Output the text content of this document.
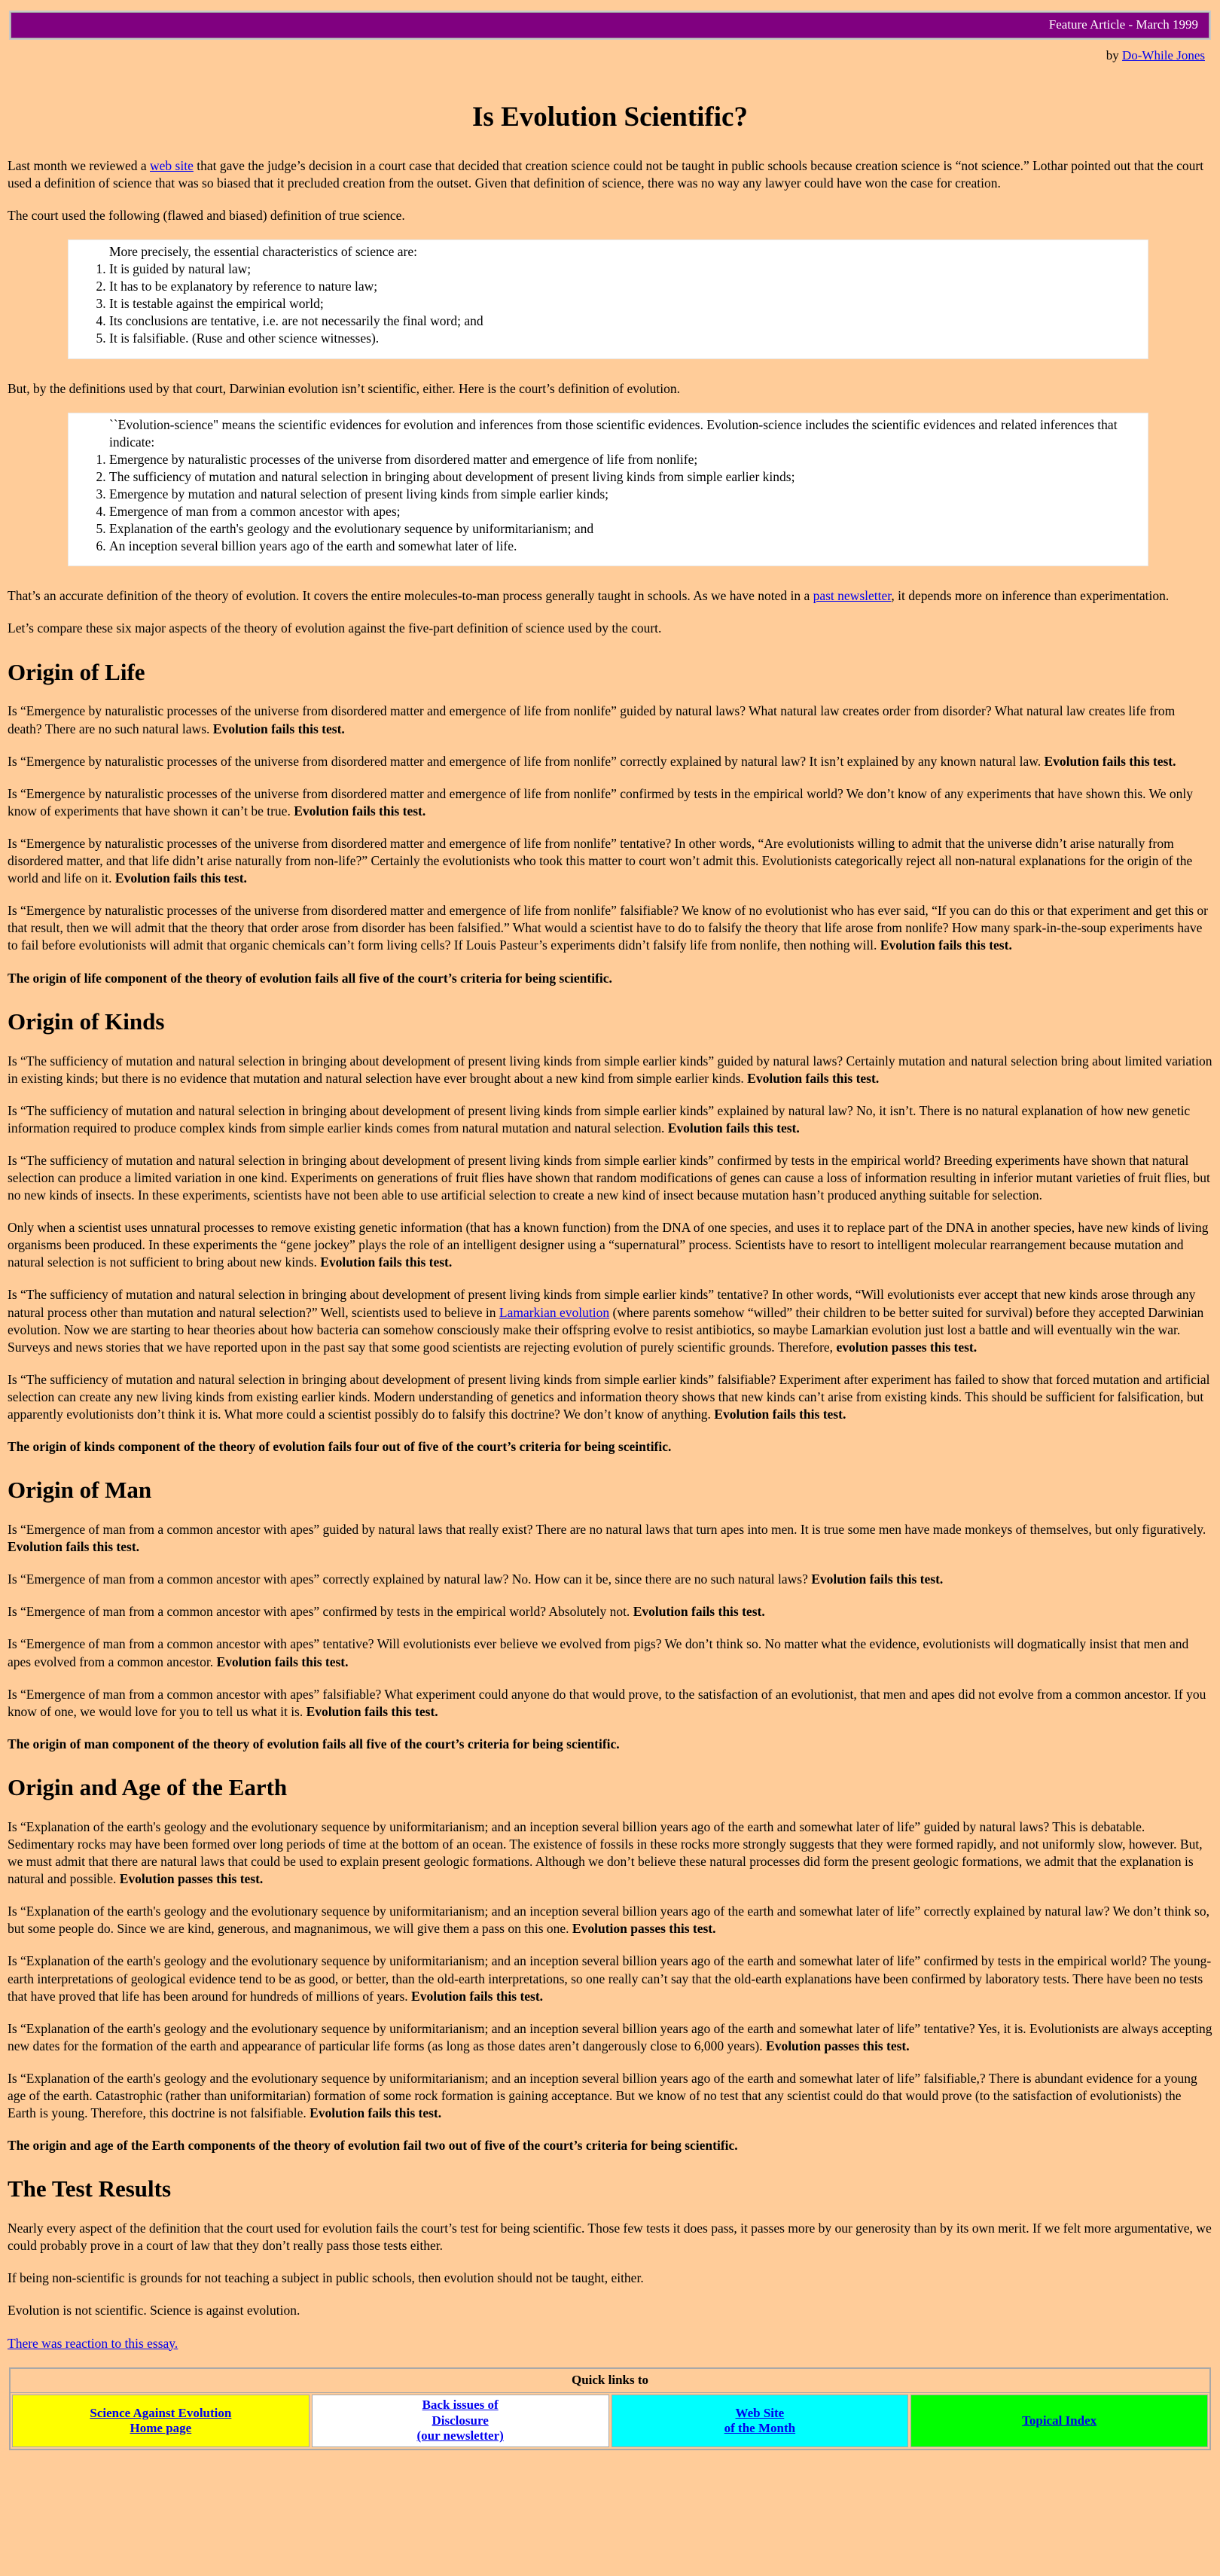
Feature Article - March 1999
by Do-While Jones
Is Evolution Scientific?

Last month we reviewed a web site that gave the judge’s decision in a court case that decided that creation science could not be taught in public schools because creation science is “not science.” Lothar pointed out that the court used a definition of science that was so biased that it precluded creation from the outset. Given that definition of science, there was no way any lawyer could have won the case for creation.

The court used the following (flawed and biased) definition of true science.

More precisely, the essential characteristics of science are:
1. It is guided by natural law;
2. It has to be explanatory by reference to nature law;
3. It is testable against the empirical world;
4. Its conclusions are tentative, i.e. are not necessarily the final word; and
5. It is falsifiable. (Ruse and other science witnesses).

But, by the definitions used by that court, Darwinian evolution isn’t scientific, either. Here is the court’s definition of evolution.

``Evolution-science" means the scientific evidences for evolution and inferences from those scientific evidences. Evolution-science includes the scientific evidences and related inferences that indicate:
1. Emergence by naturalistic processes of the universe from disordered matter and emergence of life from nonlife;
2. The sufficiency of mutation and natural selection in bringing about development of present living kinds from simple earlier kinds;
3. Emergence by mutation and natural selection of present living kinds from simple earlier kinds;
4. Emergence of man from a common ancestor with apes;
5. Explanation of the earth's geology and the evolutionary sequence by uniformitarianism; and
6. An inception several billion years ago of the earth and somewhat later of life.

That’s an accurate definition of the theory of evolution. It covers the entire molecules-to-man process generally taught in schools. As we have noted in a past newsletter, it depends more on inference than experimentation.

Let’s compare these six major aspects of the theory of evolution against the five-part definition of science used by the court.

Origin of Life

Is “Emergence by naturalistic processes of the universe from disordered matter and emergence of life from nonlife” guided by natural laws? What natural law creates order from disorder? What natural law creates life from death? There are no such natural laws. Evolution fails this test.

Is “Emergence by naturalistic processes of the universe from disordered matter and emergence of life from nonlife” correctly explained by natural law? It isn’t explained by any known natural law. Evolution fails this test.

Is “Emergence by naturalistic processes of the universe from disordered matter and emergence of life from nonlife” confirmed by tests in the empirical world? We don’t know of any experiments that have shown this. We only know of experiments that have shown it can’t be true. Evolution fails this test.

Is “Emergence by naturalistic processes of the universe from disordered matter and emergence of life from nonlife” tentative? In other words, “Are evolutionists willing to admit that the universe didn’t arise naturally from disordered matter, and that life didn’t arise naturally from non-life?” Certainly the evolutionists who took this matter to court won’t admit this. Evolutionists categorically reject all non-natural explanations for the origin of the world and life on it. Evolution fails this test.

Is “Emergence by naturalistic processes of the universe from disordered matter and emergence of life from nonlife” falsifiable? We know of no evolutionist who has ever said, “If you can do this or that experiment and get this or that result, then we will admit that the theory that order arose from disorder has been falsified.” What would a scientist have to do to falsify the theory that life arose from nonlife? How many spark-in-the-soup experiments have to fail before evolutionists will admit that organic chemicals can’t form living cells? If Louis Pasteur’s experiments didn’t falsify life from nonlife, then nothing will. Evolution fails this test.

The origin of life component of the theory of evolution fails all five of the court’s criteria for being scientific.

Origin of Kinds

Is “The sufficiency of mutation and natural selection in bringing about development of present living kinds from simple earlier kinds” guided by natural laws? Certainly mutation and natural selection bring about limited variation in existing kinds; but there is no evidence that mutation and natural selection have ever brought about a new kind from simple earlier kinds. Evolution fails this test.

Is “The sufficiency of mutation and natural selection in bringing about development of present living kinds from simple earlier kinds” explained by natural law? No, it isn’t. There is no natural explanation of how new genetic information required to produce complex kinds from simple earlier kinds comes from natural mutation and natural selection. Evolution fails this test.

Is “The sufficiency of mutation and natural selection in bringing about development of present living kinds from simple earlier kinds” confirmed by tests in the empirical world? Breeding experiments have shown that natural selection can produce a limited variation in one kind. Experiments on generations of fruit flies have shown that random modifications of genes can cause a loss of information resulting in inferior mutant varieties of fruit flies, but no new kinds of insects. In these experiments, scientists have not been able to use artificial selection to create a new kind of insect because mutation hasn’t produced anything suitable for selection.

Only when a scientist uses unnatural processes to remove existing genetic information (that has a known function) from the DNA of one species, and uses it to replace part of the DNA in another species, have new kinds of living organisms been produced. In these experiments the “gene jockey” plays the role of an intelligent designer using a “supernatural” process. Scientists have to resort to intelligent molecular rearrangement because mutation and natural selection is not sufficient to bring about new kinds. Evolution fails this test.

Is “The sufficiency of mutation and natural selection in bringing about development of present living kinds from simple earlier kinds” tentative? In other words, “Will evolutionists ever accept that new kinds arose through any natural process other than mutation and natural selection?” Well, scientists used to believe in Lamarkian evolution (where parents somehow “willed” their children to be better suited for survival) before they accepted Darwinian evolution. Now we are starting to hear theories about how bacteria can somehow consciously make their offspring evolve to resist antibiotics, so maybe Lamarkian evolution just lost a battle and will eventually win the war. Surveys and news stories that we have reported upon in the past say that some good scientists are rejecting evolution of purely scientific grounds. Therefore, evolution passes this test.

Is “The sufficiency of mutation and natural selection in bringing about development of present living kinds from simple earlier kinds” falsifiable? Experiment after experiment has failed to show that forced mutation and artificial selection can create any new living kinds from existing earlier kinds. Modern understanding of genetics and information theory shows that new kinds can’t arise from existing kinds. This should be sufficient for falsification, but apparently evolutionists don’t think it is. What more could a scientist possibly do to falsify this doctrine? We don’t know of anything. Evolution fails this test.

The origin of kinds component of the theory of evolution fails four out of five of the court’s criteria for being sceintific.

Origin of Man

Is “Emergence of man from a common ancestor with apes” guided by natural laws that really exist? There are no natural laws that turn apes into men. It is true some men have made monkeys of themselves, but only figuratively. Evolution fails this test.

Is “Emergence of man from a common ancestor with apes” correctly explained by natural law? No. How can it be, since there are no such natural laws? Evolution fails this test.

Is “Emergence of man from a common ancestor with apes” confirmed by tests in the empirical world? Absolutely not. Evolution fails this test.

Is “Emergence of man from a common ancestor with apes” tentative? Will evolutionists ever believe we evolved from pigs? We don’t think so. No matter what the evidence, evolutionists will dogmatically insist that men and apes evolved from a common ancestor. Evolution fails this test.

Is “Emergence of man from a common ancestor with apes” falsifiable? What experiment could anyone do that would prove, to the satisfaction of an evolutionist, that men and apes did not evolve from a common ancestor. If you know of one, we would love for you to tell us what it is. Evolution fails this test.

The origin of man component of the theory of evolution fails all five of the court’s criteria for being scientific.

Origin and Age of the Earth

Is “Explanation of the earth's geology and the evolutionary sequence by uniformitarianism; and an inception several billion years ago of the earth and somewhat later of life” guided by natural laws? This is debatable. Sedimentary rocks may have been formed over long periods of time at the bottom of an ocean. The existence of fossils in these rocks more strongly suggests that they were formed rapidly, and not uniformly slow, however. But, we must admit that there are natural laws that could be used to explain present geologic formations. Although we don’t believe these natural processes did form the present geologic formations, we admit that the explanation is natural and possible. Evolution passes this test.

Is “Explanation of the earth's geology and the evolutionary sequence by uniformitarianism; and an inception several billion years ago of the earth and somewhat later of life” correctly explained by natural law? We don’t think so, but some people do. Since we are kind, generous, and magnanimous, we will give them a pass on this one. Evolution passes this test.

Is “Explanation of the earth's geology and the evolutionary sequence by uniformitarianism; and an inception several billion years ago of the earth and somewhat later of life” confirmed by tests in the empirical world? The young-earth interpretations of geological evidence tend to be as good, or better, than the old-earth interpretations, so one really can’t say that the old-earth explanations have been confirmed by laboratory tests. There have been no tests that have proved that life has been around for hundreds of millions of years. Evolution fails this test.

Is “Explanation of the earth's geology and the evolutionary sequence by uniformitarianism; and an inception several billion years ago of the earth and somewhat later of life” tentative? Yes, it is. Evolutionists are always accepting new dates for the formation of the earth and appearance of particular life forms (as long as those dates aren’t dangerously close to 6,000 years). Evolution passes this test.

Is “Explanation of the earth's geology and the evolutionary sequence by uniformitarianism; and an inception several billion years ago of the earth and somewhat later of life” falsifiable,? There is abundant evidence for a young age of the earth. Catastrophic (rather than uniformitarian) formation of some rock formation is gaining acceptance. But we know of no test that any scientist could do that would prove (to the satisfaction of evolutionists) the Earth is young. Therefore, this doctrine is not falsifiable. Evolution fails this test.

The origin and age of the Earth components of the theory of evolution fail two out of five of the court’s criteria for being scientific.

The Test Results

Nearly every aspect of the definition that the court used for evolution fails the court’s test for being scientific. Those few tests it does pass, it passes more by our generosity than by its own merit. If we felt more argumentative, we could probably prove in a court of law that they don’t really pass those tests either.

If being non-scientific is grounds for not teaching a subject in public schools, then evolution should not be taught, either.

Evolution is not scientific. Science is against evolution.

There was reaction to this essay.

Quick links to
Science Against Evolution
Home page
Back issues of
Disclosure
(our newsletter)
Web Site
of the Month
Topical Index
